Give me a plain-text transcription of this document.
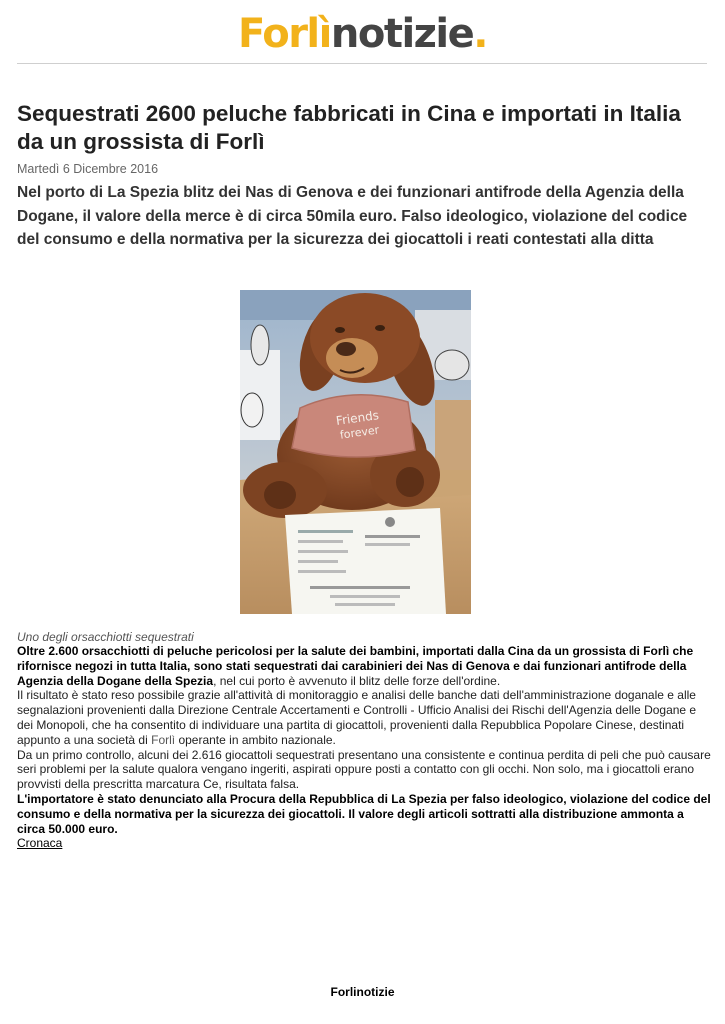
Forlìnotizie.
Sequestrati 2600 peluche fabbricati in Cina e importati in Italia da un grossista di Forlì
Martedì 6 Dicembre 2016
Nel porto di La Spezia blitz dei Nas di Genova e dei funzionari antifrode della Agenzia della Dogane, il valore della merce è di circa 50mila euro. Falso ideologico, violazione del codice del consumo e della normativa per la sicurezza dei giocattoli i reati contestati alla ditta
Friends
forever
Uno degli orsacchiotti sequestrati

Oltre 2.600 orsacchiotti di peluche pericolosi per la salute dei bambini, importati dalla Cina da un grossista di Forlì che rifornisce negozi in tutta Italia, sono stati sequestrati dai carabinieri dei Nas di Genova e dai funzionari antifrode della Agenzia della Dogane della Spezia, nel cui porto è avvenuto il blitz delle forze dell'ordine.

Il risultato è stato reso possibile grazie all'attività di monitoraggio e analisi delle banche dati dell'amministrazione doganale e alle segnalazioni provenienti dalla Direzione Centrale Accertamenti e Controlli - Ufficio Analisi dei Rischi dell'Agenzia delle Dogane e dei Monopoli, che ha consentito di individuare una partita di giocattoli, provenienti dalla Repubblica Popolare Cinese, destinati appunto a una società di Forlì operante in ambito nazionale.

Da un primo controllo, alcuni dei 2.616 giocattoli sequestrati presentano una consistente e continua perdita di peli che può causare seri problemi per la salute qualora vengano ingeriti, aspirati oppure posti a contatto con gli occhi. Non solo, ma i giocattoli erano provvisti della prescritta marcatura Ce, risultata falsa.

L'importatore è stato denunciato alla Procura della Repubblica di La Spezia per falso ideologico, violazione del codice del consumo e della normativa per la sicurezza dei giocattoli. Il valore degli articoli sottratti alla distribuzione ammonta a circa 50.000 euro.

Cronaca

Forlinotizie
